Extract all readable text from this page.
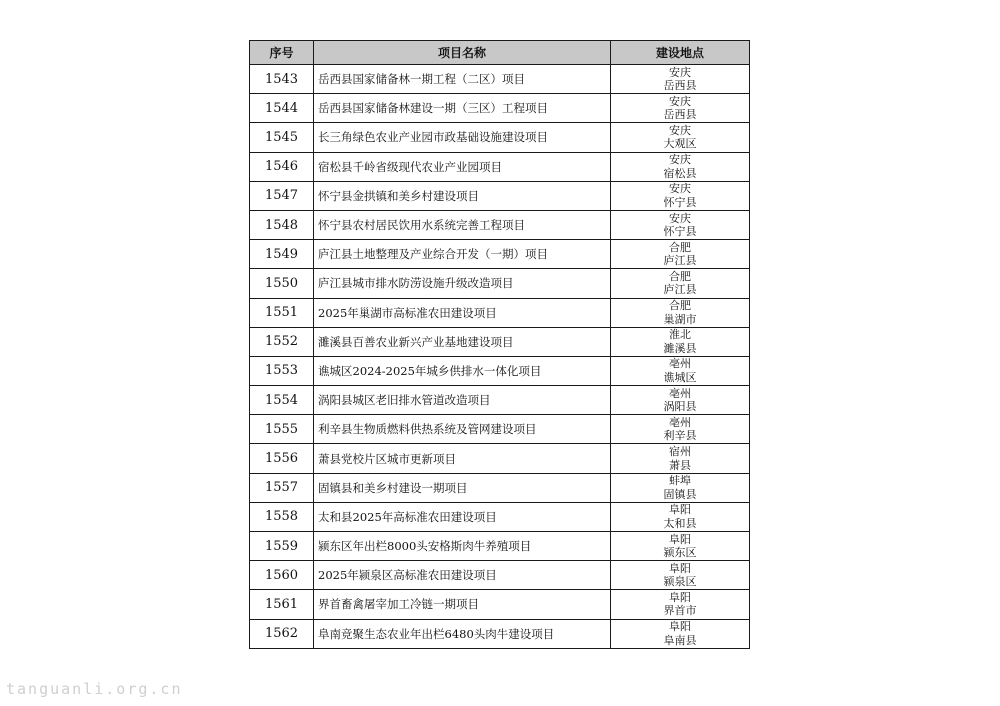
序号	项目名称	建设地点
1543	岳西县国家储备林一期工程（二区）项目	安庆
岳西县

1544	岳西县国家储备林建设一期（三区）工程项目	安庆
岳西县

1545	长三角绿色农业产业园市政基础设施建设项目	安庆
大观区

1546	宿松县千岭省级现代农业产业园项目	安庆
宿松县

1547	怀宁县金拱镇和美乡村建设项目	安庆
怀宁县

1548	怀宁县农村居民饮用水系统完善工程项目	安庆
怀宁县

1549	庐江县土地整理及产业综合开发（一期）项目	合肥
庐江县

1550	庐江县城市排水防涝设施升级改造项目	合肥
庐江县

1551	2025年巢湖市高标准农田建设项目	合肥
巢湖市

1552	濉溪县百善农业新兴产业基地建设项目	淮北
濉溪县

1553	谯城区2024-2025年城乡供排水一体化项目	亳州
谯城区

1554	涡阳县城区老旧排水管道改造项目	亳州
涡阳县

1555	利辛县生物质燃料供热系统及管网建设项目	亳州
利辛县

1556	萧县党校片区城市更新项目	宿州
萧县

1557	固镇县和美乡村建设一期项目	蚌埠
固镇县

1558	太和县2025年高标准农田建设项目	阜阳
太和县

1559	颍东区年出栏8000头安格斯肉牛养殖项目	阜阳
颍东区

1560	2025年颍泉区高标准农田建设项目	阜阳
颍泉区

1561	界首畜禽屠宰加工冷链一期项目	阜阳
界首市

1562	阜南竞聚生态农业年出栏6480头肉牛建设项目	阜阳
阜南县
tanguanli.org.cn
